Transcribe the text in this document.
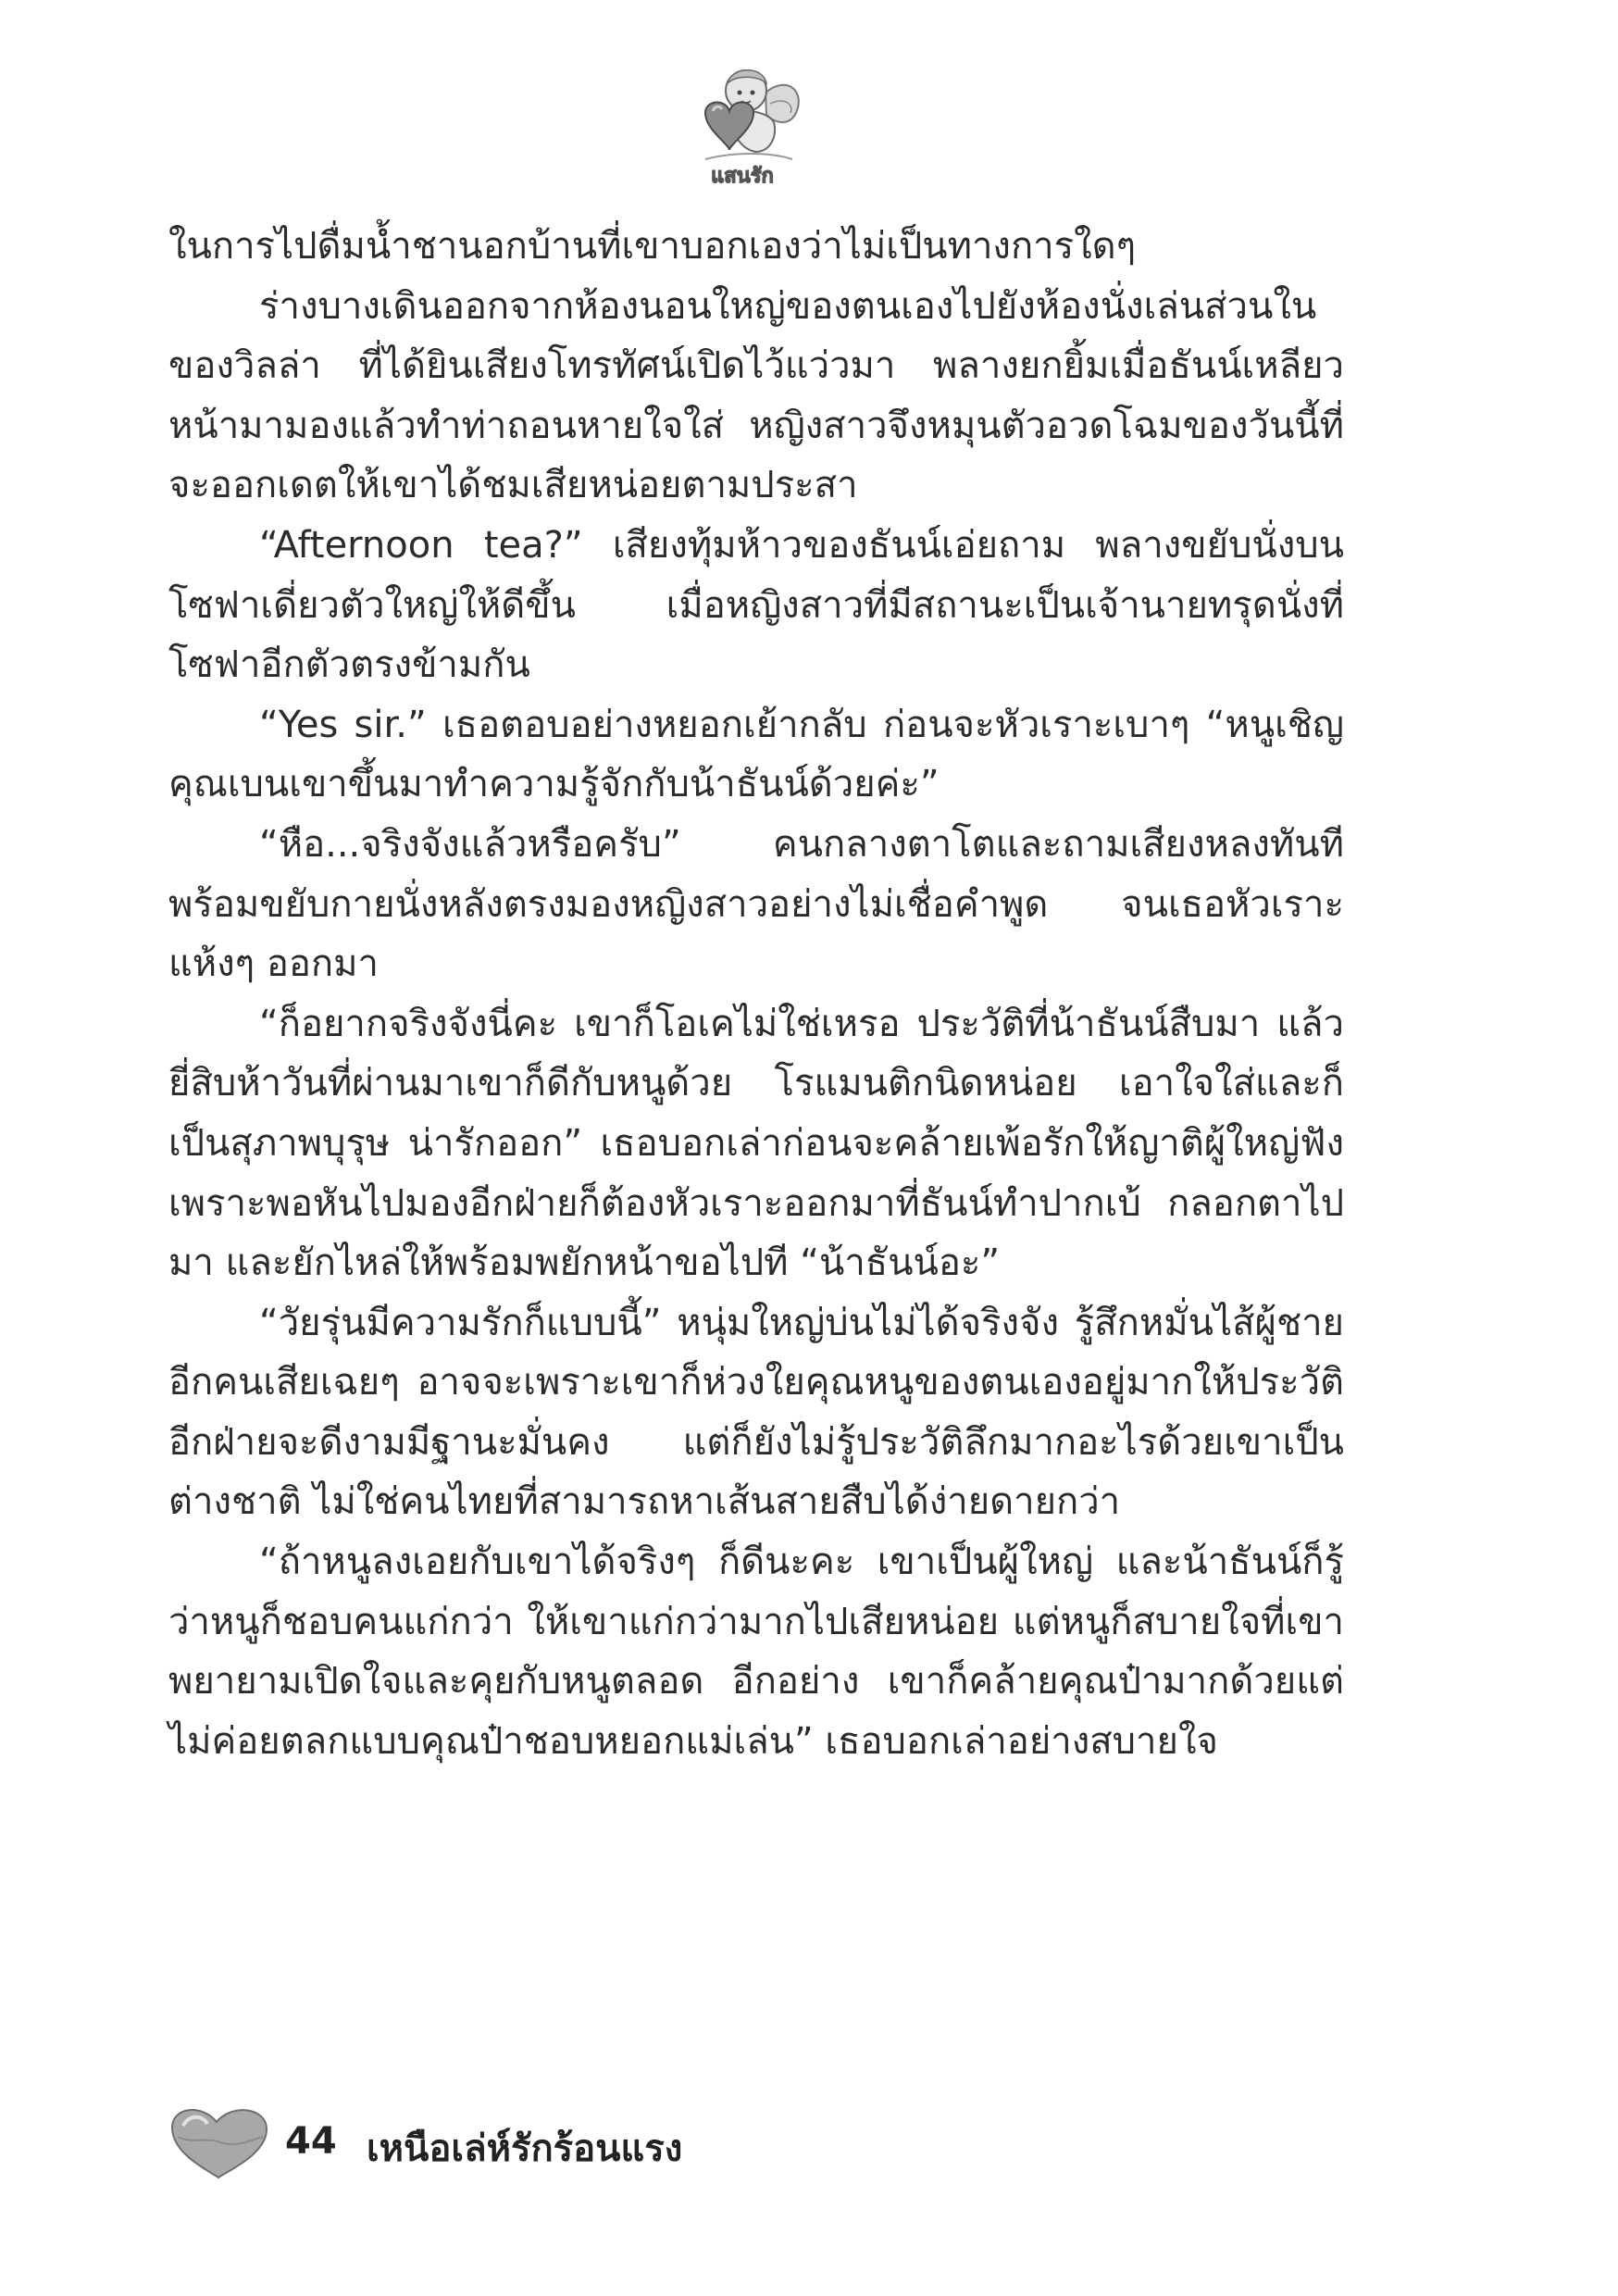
แสนรัก

ในการไปดื่มน้ำชานอกบ้านที่เขาบอกเองว่าไม่เป็นทางการใดๆ

ร่างบางเดินออกจากห้องนอนใหญ่ของตนเองไปยังห้องนั่งเล่นส่วนในของวิลล่า ที่ได้ยินเสียงโทรทัศน์เปิดไว้แว่วมา พลางยกยิ้มเมื่อธันน์เหลียวหน้ามามองแล้วทำท่าถอนหายใจใส่ หญิงสาวจึงหมุนตัวอวดโฉมของวันนี้ที่จะออกเดตให้เขาได้ชมเสียหน่อยตามประสา

“Afternoon tea?” เสียงทุ้มห้าวของธันน์เอ่ยถาม พลางขยับนั่งบนโซฟาเดี่ยวตัวใหญ่ให้ดีขึ้น เมื่อหญิงสาวที่มีสถานะเป็นเจ้านายทรุดนั่งที่โซฟาอีกตัวตรงข้ามกัน

“Yes sir.” เธอตอบอย่างหยอกเย้ากลับ ก่อนจะหัวเราะเบาๆ “หนูเชิญคุณเบนเขาขึ้นมาทำความรู้จักกับน้าธันน์ด้วยค่ะ”

“หือ...จริงจังแล้วหรือครับ” คนกลางตาโตและถามเสียงหลงทันทีพร้อมขยับกายนั่งหลังตรงมองหญิงสาวอย่างไม่เชื่อคำพูด จนเธอหัวเราะแห้งๆ ออกมา

“ก็อยากจริงจังนี่คะ เขาก็โอเคไม่ใช่เหรอ ประวัติที่น้าธันน์สืบมา แล้วยี่สิบห้าวันที่ผ่านมาเขาก็ดีกับหนูด้วย โรแมนติกนิดหน่อย เอาใจใส่และก็เป็นสุภาพบุรุษ น่ารักออก” เธอบอกเล่าก่อนจะคล้ายเพ้อรักให้ญาติผู้ใหญ่ฟัง เพราะพอหันไปมองอีกฝ่ายก็ต้องหัวเราะออกมาที่ธันน์ทำปากเบ้ กลอกตาไปมา และยักไหล่ให้พร้อมพยักหน้าขอไปที “น้าธันน์อะ”

“วัยรุ่นมีความรักก็แบบนี้” หนุ่มใหญ่บ่นไม่ได้จริงจัง รู้สึกหมั่นไส้ผู้ชายอีกคนเสียเฉยๆ อาจจะเพราะเขาก็ห่วงใยคุณหนูของตนเองอยู่มากให้ประวัติอีกฝ่ายจะดีงามมีฐานะมั่นคง แต่ก็ยังไม่รู้ประวัติลึกมากอะไรด้วยเขาเป็นต่างชาติ ไม่ใช่คนไทยที่สามารถหาเส้นสายสืบได้ง่ายดายกว่า

“ถ้าหนูลงเอยกับเขาได้จริงๆ ก็ดีนะคะ เขาเป็นผู้ใหญ่ และน้าธันน์ก็รู้ว่าหนูก็ชอบคนแก่กว่า ให้เขาแก่กว่ามากไปเสียหน่อย แต่หนูก็สบายใจที่เขาพยายามเปิดใจและคุยกับหนูตลอด อีกอย่าง เขาก็คล้ายคุณป๋ามากด้วยแต่ไม่ค่อยตลกแบบคุณป๋าชอบหยอกแม่เล่น” เธอบอกเล่าอย่างสบายใจ

44 เหนือเล่ห์รักร้อนแรง
